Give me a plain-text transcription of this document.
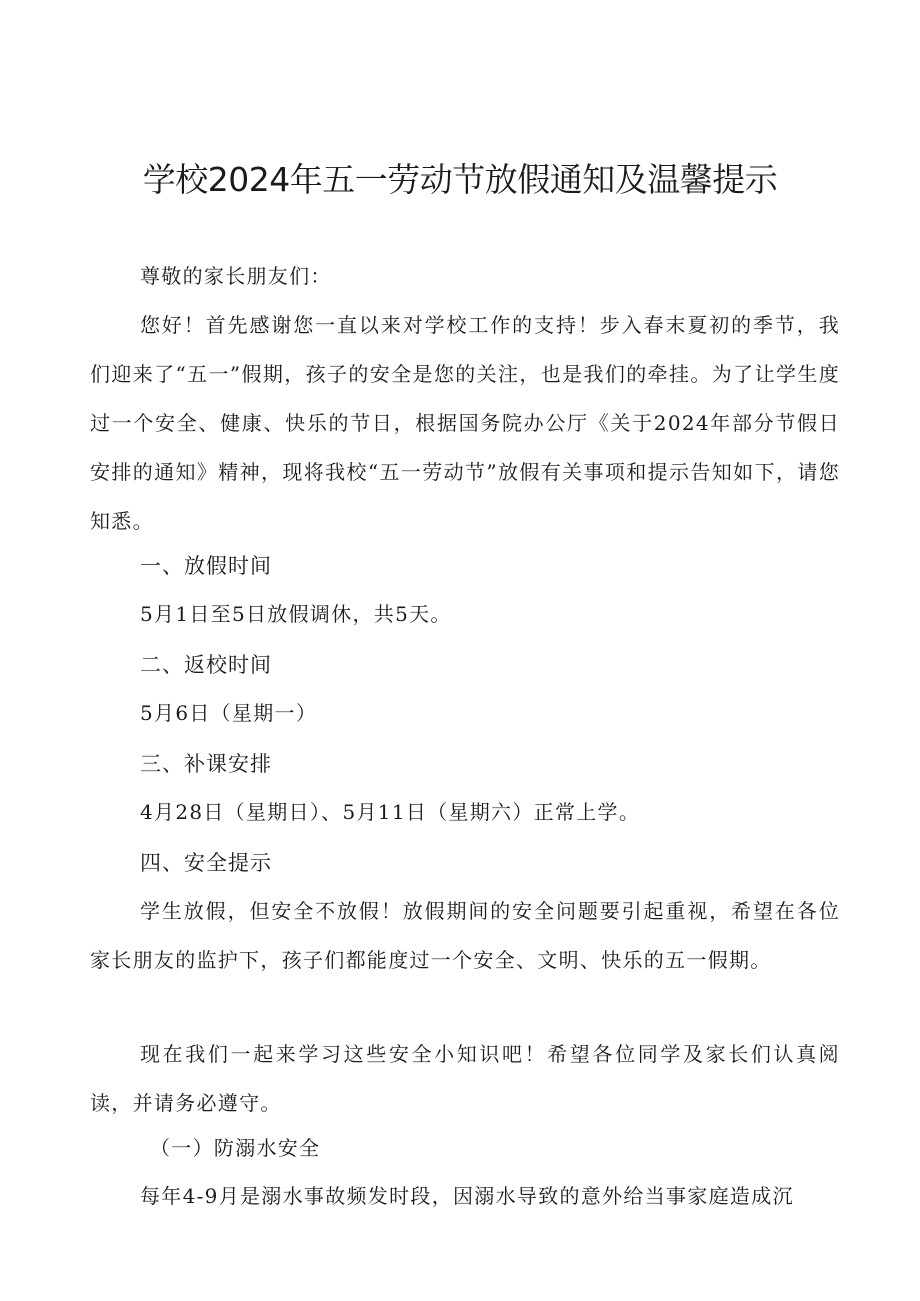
学校2024年五一劳动节放假通知及温馨提示

尊敬的家长朋友们：

您好！首先感谢您一直以来对学校工作的支持！步入春末夏初的季节，我们迎来了“五一”假期，孩子的安全是您的关注，也是我们的牵挂。为了让学生度过一个安全、健康、快乐的节日，根据国务院办公厅《关于2024年部分节假日安排的通知》精神，现将我校“五一劳动节”放假有关事项和提示告知如下，请您知悉。

一、放假时间

5月1日至5日放假调休，共5天。

二、返校时间

5月6日（星期一）

三、补课安排

4月28日（星期日）、5月11日（星期六）正常上学。

四、安全提示

学生放假，但安全不放假！放假期间的安全问题要引起重视，希望在各位家长朋友的监护下，孩子们都能度过一个安全、文明、快乐的五一假期。

现在我们一起来学习这些安全小知识吧！希望各位同学及家长们认真阅读，并请务必遵守。

（一）防溺水安全

每年4-9月是溺水事故频发时段，因溺水导致的意外给当事家庭造成沉
